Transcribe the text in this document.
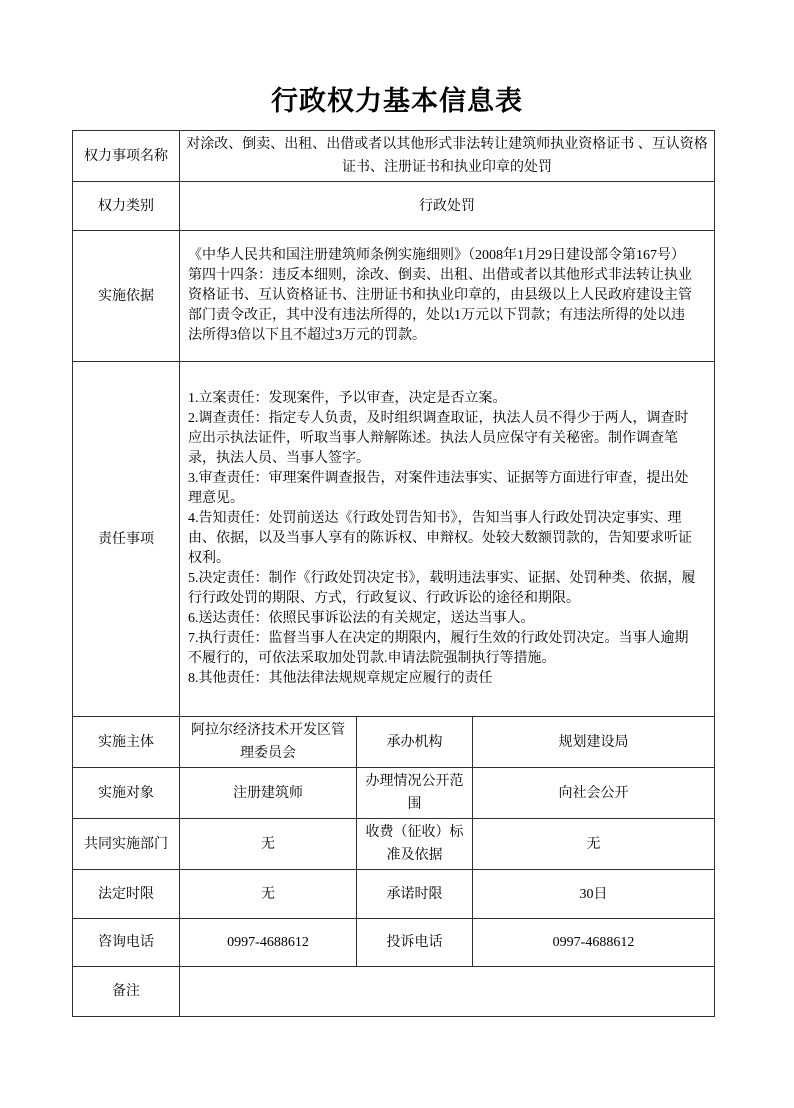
行政权力基本信息表
权力事项名称	对涂改、倒卖、出租、出借或者以其他形式非法转让建筑师执业资格证书 、互认资格证书、注册证书和执业印章的处罚		
权力类别	行政处罚		
实施依据	《中华人民共和国注册建筑师条例实施细则》（2008年1月29日建设部令第167号）第四十四条：违反本细则，涂改、倒卖、出租、出借或者以其他形式非法转让执业资格证书、互认资格证书、注册证书和执业印章的，由县级以上人民政府建设主管部门责令改正，其中没有违法所得的，处以1万元以下罚款；有违法所得的处以违法所得3倍以下且不超过3万元的罚款。		
责任事项	
1.立案责任：发现案件，予以审查，决定是否立案。
2.调查责任：指定专人负责，及时组织调查取证，执法人员不得少于两人，调查时应出示执法证件，听取当事人辩解陈述。执法人员应保守有关秘密。制作调查笔录，执法人员、当事人签字。
3.审查责任：审理案件调查报告，对案件违法事实、证据等方面进行审查，提出处理意见。
4.告知责任：处罚前送达《行政处罚告知书》，告知当事人行政处罚决定事实、理由、依据，以及当事人享有的陈诉权、申辩权。处较大数额罚款的，告知要求听证权利。
5.决定责任：制作《行政处罚决定书》，载明违法事实、证据、处罚种类、依据，履行行政处罚的期限、方式，行政复议、行政诉讼的途径和期限。
6.送达责任：依照民事诉讼法的有关规定，送达当事人。
7.执行责任：监督当事人在决定的期限内，履行生效的行政处罚决定。当事人逾期不履行的，可依法采取加处罚款.申请法院强制执行等措施。
8.其他责任：其他法律法规规章规定应履行的责任

实施主体	阿拉尔经济技术开发区管理委员会	承办机构	规划建设局
实施对象	注册建筑师	办理情况公开范围	向社会公开
共同实施部门	无	收费（征收）标准及依据	无
法定时限	无	承诺时限	30日
咨询电话	0997-4688612	投诉电话	0997-4688612
备注			
